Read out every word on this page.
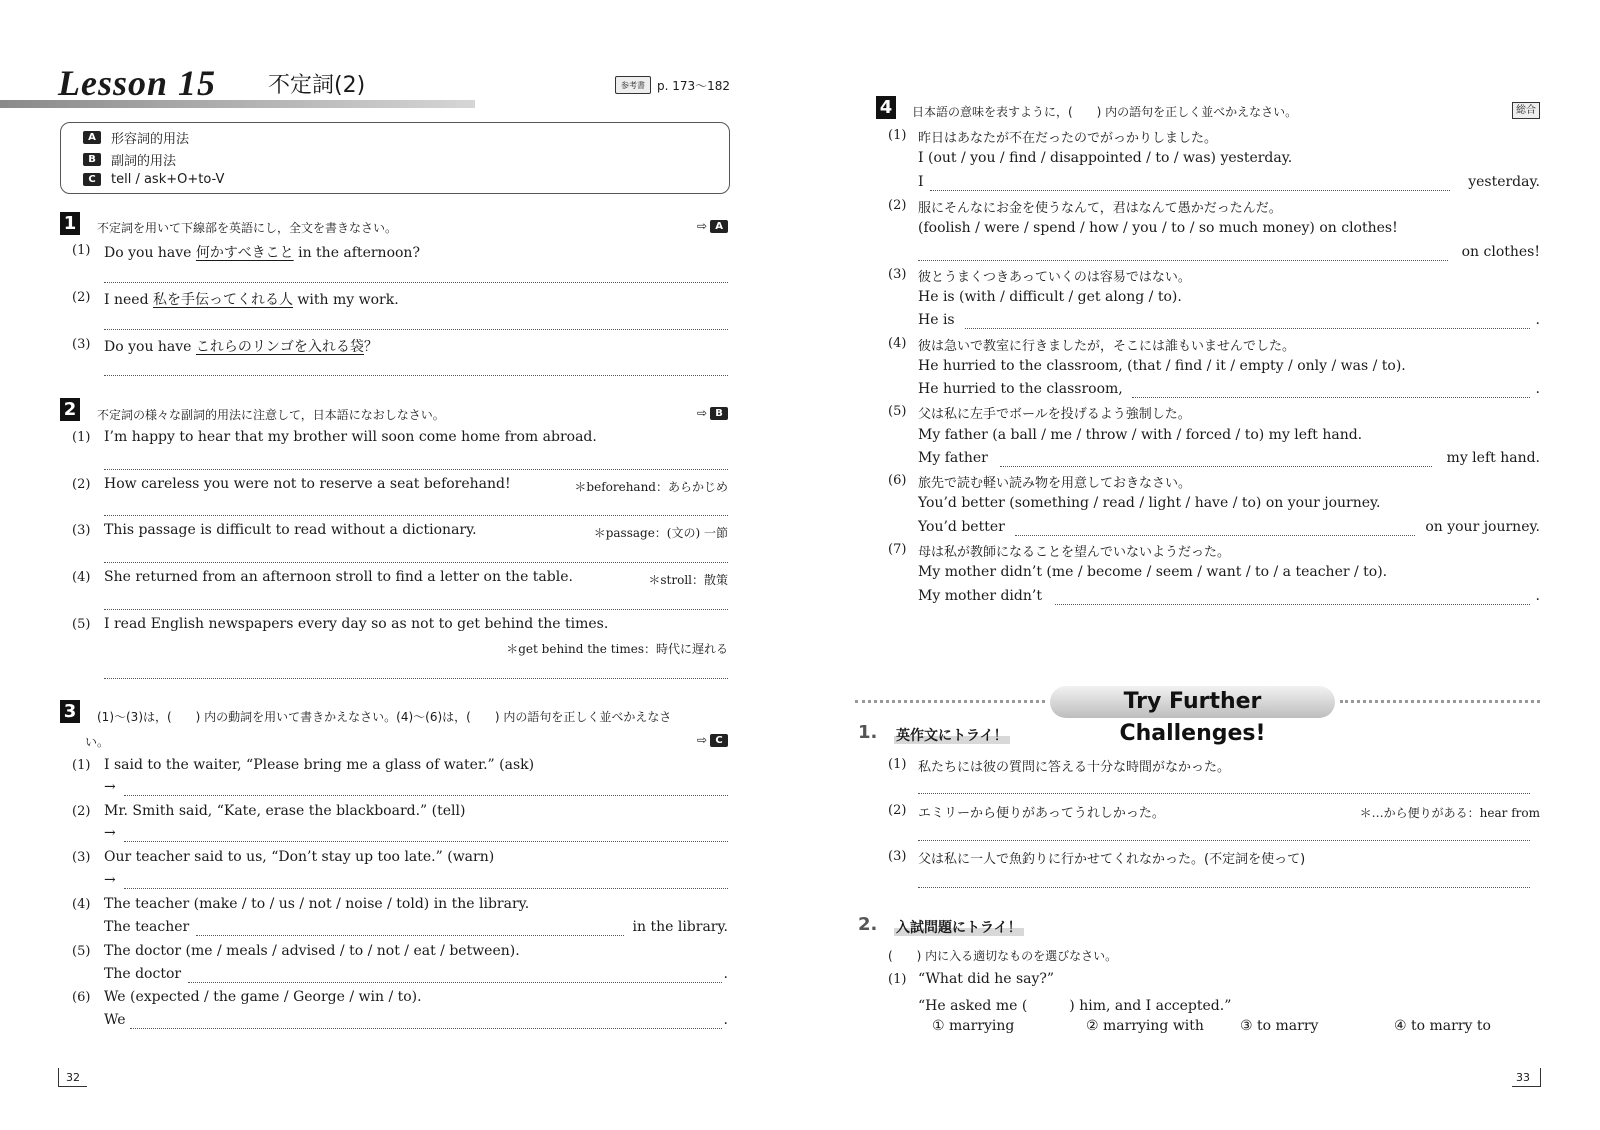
Lesson 15 不定詞(2)	参考書	p. 173～182
A	形容詞的用法
B	副詞的用法
C	tell / ask+O+to-V
1	不定詞を用いて下線部を英語にし，全文を書きなさい。	⇨ A
(1) Do you have 何かすべきこと in the afternoon?
(2) I need 私を手伝ってくれる人 with my work.
(3) Do you have これらのリンゴを入れる袋？
2	不定詞の様々な副詞的用法に注意して，日本語になおしなさい。	⇨ B
(1) I’m happy to hear that my brother will soon come home from abroad.
(2) How careless you were not to reserve a seat beforehand!	＊beforehand：あらかじめ
(3) This passage is difficult to read without a dictionary.	＊passage：(文の) 一節
(4) She returned from an afternoon stroll to find a letter on the table.	＊stroll：散策
(5) I read English newspapers every day so as not to get behind the times.
＊get behind the times：時代に遅れる
3	(1)～(3)は，(　　) 内の動詞を用いて書きかえなさい。(4)～(6)は，(　　) 内の語句を正しく並べかえなさ
い。	⇨ C
(1) I said to the waiter, “Please bring me a glass of water.” (ask)
→
(2) Mr. Smith said, “Kate, erase the blackboard.” (tell)
→
(3) Our teacher said to us, “Don’t stay up too late.” (warn)
→
(4) The teacher (make / to / us / not / noise / told) in the library.
The teacher	in the library.
(5) The doctor (me / meals / advised / to / not / eat / between).
The doctor	.
(6) We (expected / the game / George / win / to).
We	.
32
4	日本語の意味を表すように，(　　) 内の語句を正しく並べかえなさい。	総合
(1) 昨日はあなたが不在だったのでがっかりしました。
I (out / you / find / disappointed / to / was) yesterday.
I	yesterday.
(2) 服にそんなにお金を使うなんて，君はなんて愚かだったんだ。
(foolish / were / spend / how / you / to / so much money) on clothes!
on clothes!
(3) 彼とうまくつきあっていくのは容易ではない。
He is (with / difficult / get along / to).
He is	.
(4) 彼は急いで教室に行きましたが，そこには誰もいませんでした。
He hurried to the classroom, (that / find / it / empty / only / was / to).
He hurried to the classroom,	.
(5) 父は私に左手でボールを投げるよう強制した。
My father (a ball / me / throw / with / forced / to) my left hand.
My father	my left hand.
(6) 旅先で読む軽い読み物を用意しておきなさい。
You’d better (something / read / light / have / to) on your journey.
You’d better	on your journey.
(7) 母は私が教師になることを望んでいないようだった。
My mother didn’t (me / become / seem / want / to / a teacher / to).
My mother didn’t	.
Try Further Challenges!
1. 英作文にトライ！
(1) 私たちには彼の質問に答える十分な時間がなかった。
(2) エミリーから便りがあってうれしかった。	＊…から便りがある：hear from
(3) 父は私に一人で魚釣りに行かせてくれなかった。(不定詞を使って)
2. 入試問題にトライ！
(　　) 内に入る適切なものを選びなさい。
(1) “What did he say?”
“He asked me (　　　) him, and I accepted.”
① marrying	② marrying with	③ to marry	④ to marry to
33
